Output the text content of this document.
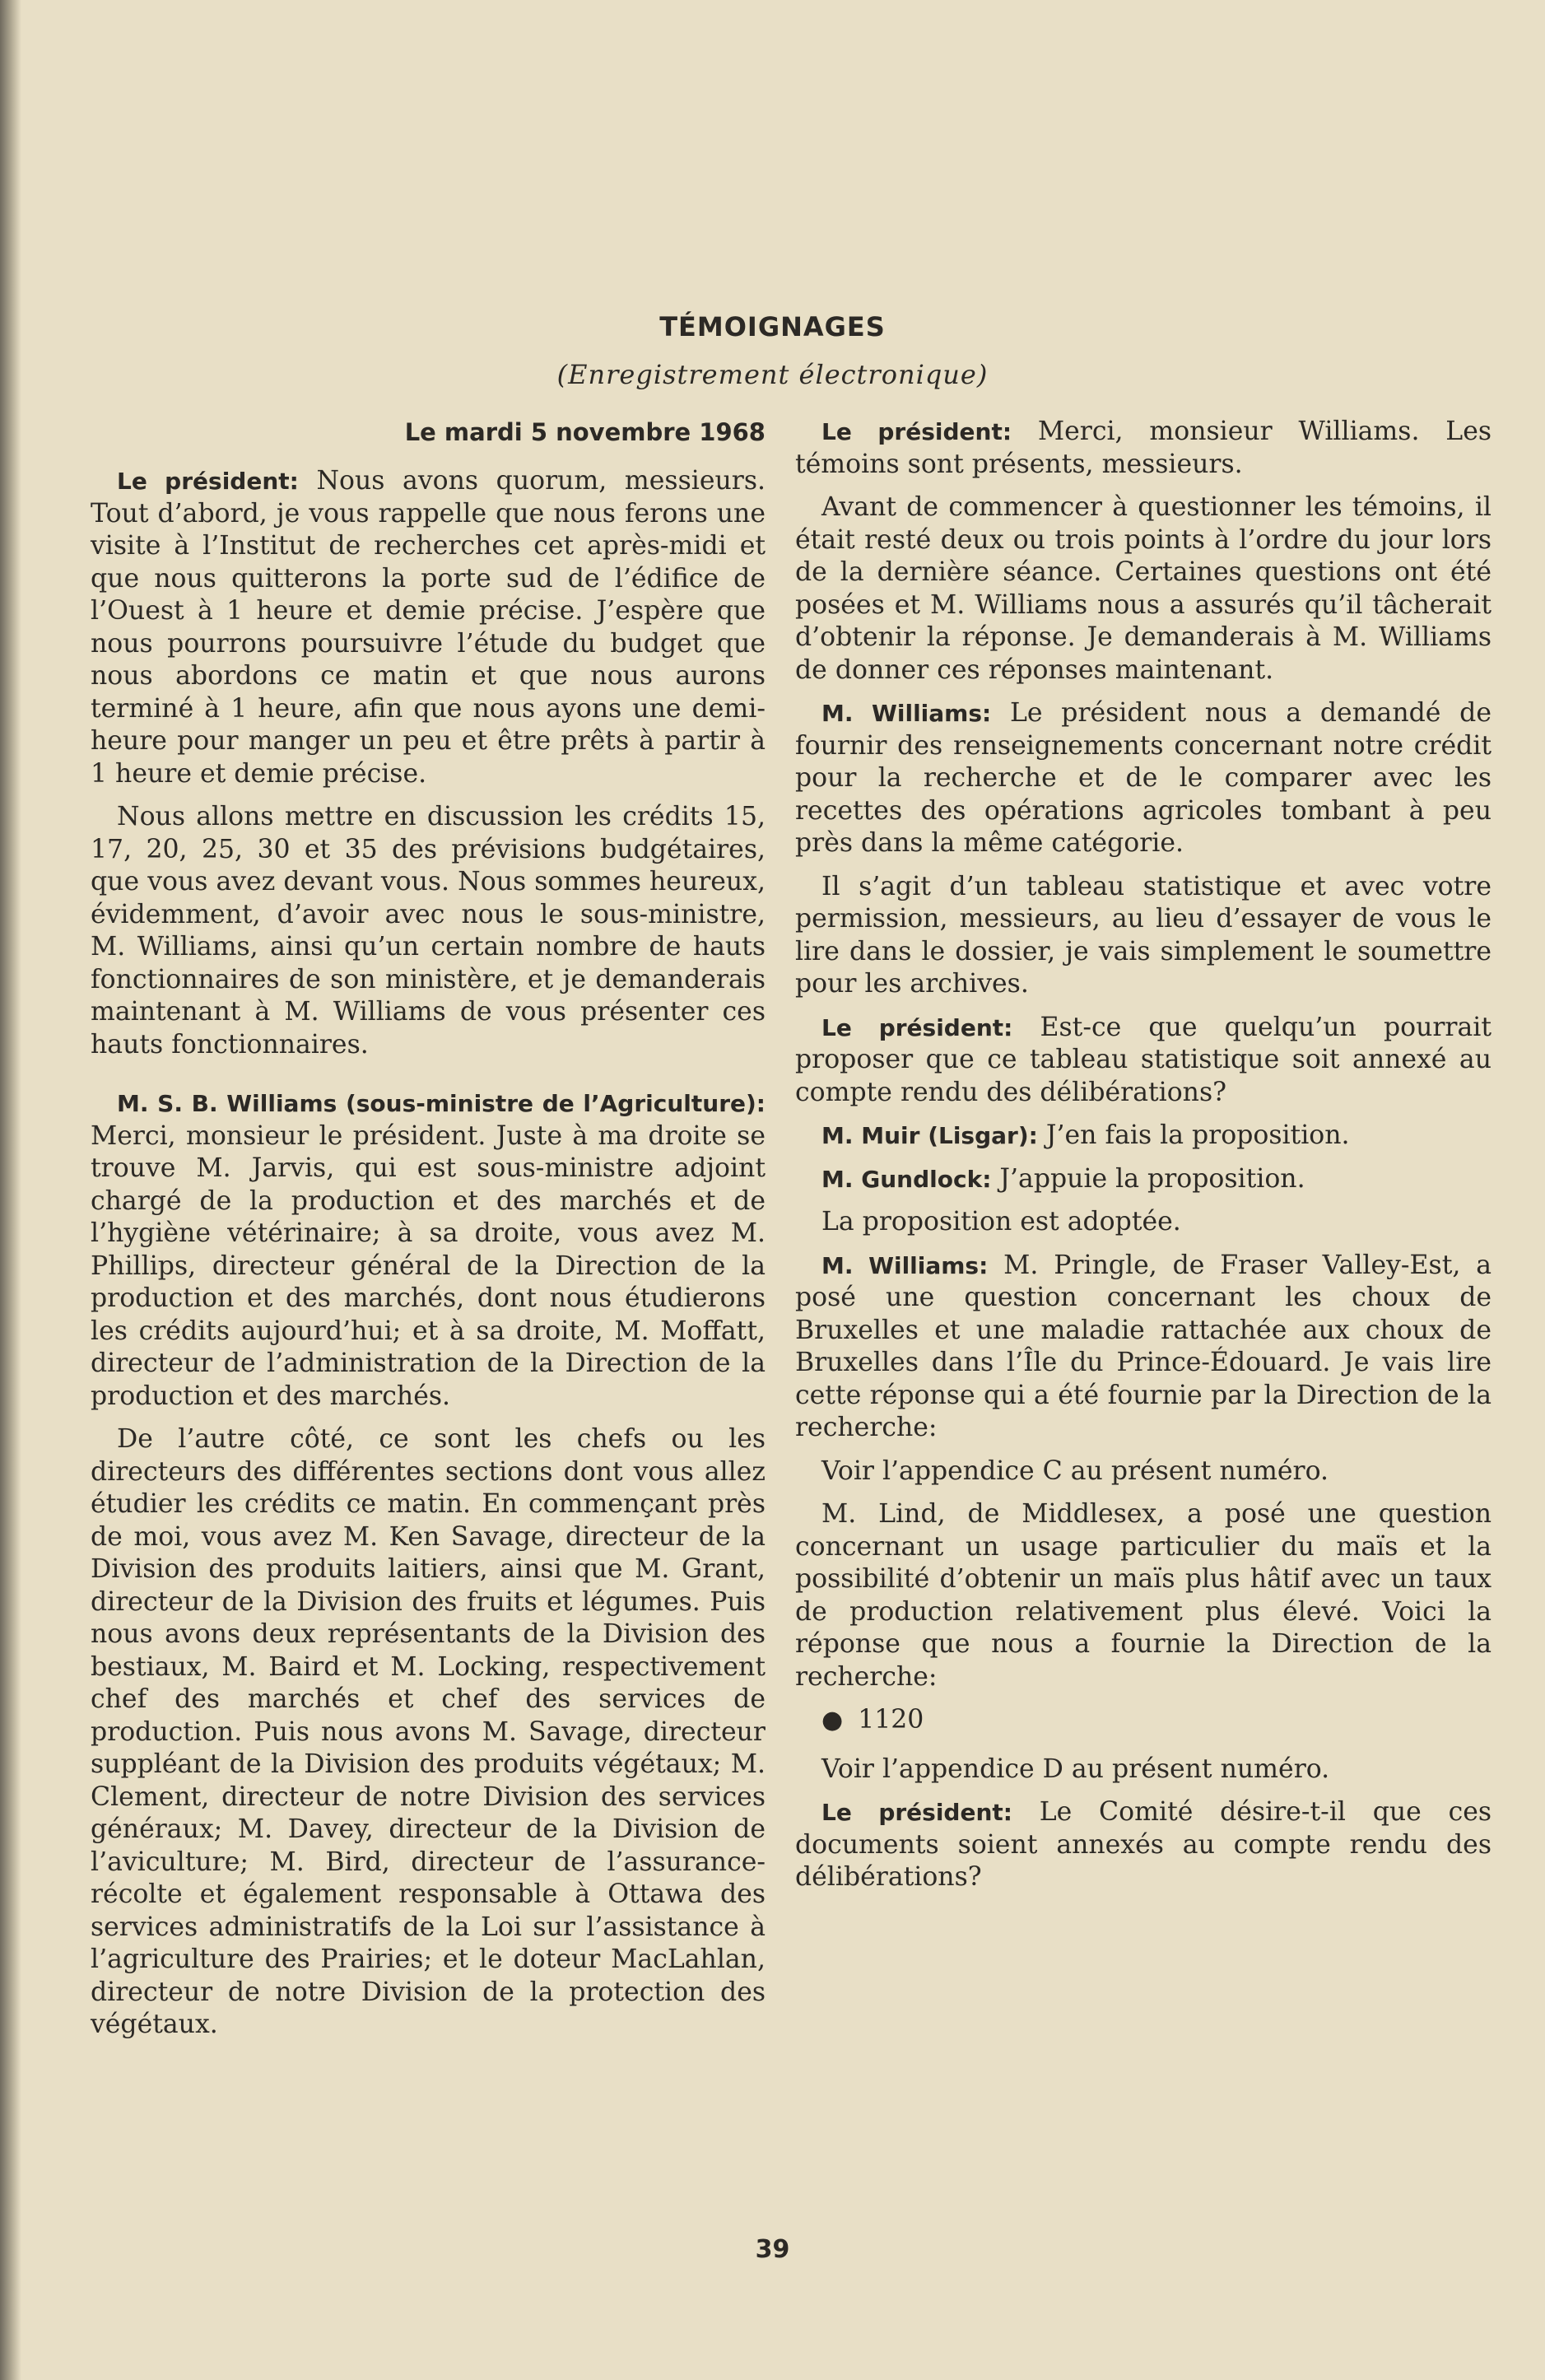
TÉMOIGNAGES
(Enregistrement électronique)
Le mardi 5 novembre 1968

Le président: Nous avons quorum, messieurs. Tout d’abord, je vous rappelle que nous ferons une visite à l’Institut de recherches cet après-midi et que nous quitterons la porte sud de l’édifice de l’Ouest à 1 heure et demie précise. J’espère que nous pourrons poursuivre l’étude du budget que nous abordons ce matin et que nous aurons terminé à 1 heure, afin que nous ayons une demi-heure pour manger un peu et être prêts à partir à 1 heure et demie précise.

Nous allons mettre en discussion les crédits 15, 17, 20, 25, 30 et 35 des prévisions budgétaires, que vous avez devant vous. Nous sommes heureux, évidemment, d’avoir avec nous le sous-ministre, M. Williams, ainsi qu’un certain nombre de hauts fonctionnaires de son ministère, et je demanderais maintenant à M. Williams de vous présenter ces hauts fonctionnaires.

M. S. B. Williams (sous-ministre de l’Agriculture): Merci, monsieur le président. Juste à ma droite se trouve M. Jarvis, qui est sous-ministre adjoint chargé de la production et des marchés et de l’hygiène vétérinaire; à sa droite, vous avez M. Phillips, directeur général de la Direction de la production et des marchés, dont nous étudierons les crédits aujourd’hui; et à sa droite, M. Moffatt, directeur de l’administration de la Direction de la production et des marchés.

De l’autre côté, ce sont les chefs ou les directeurs des différentes sections dont vous allez étudier les crédits ce matin. En commençant près de moi, vous avez M. Ken Savage, directeur de la Division des produits laitiers, ainsi que M. Grant, directeur de la Division des fruits et légumes. Puis nous avons deux représentants de la Division des bestiaux, M. Baird et M. Locking, respectivement chef des marchés et chef des services de production. Puis nous avons M. Savage, directeur suppléant de la Division des produits végétaux; M. Clement, directeur de notre Division des services généraux; M. Davey, directeur de la Division de l’aviculture; M. Bird, directeur de l’assurance-récolte et également responsable à Ottawa des services administratifs de la Loi sur l’assistance à l’agriculture des Prairies; et le doteur MacLahlan, directeur de notre Division de la protection des végétaux.

Le président: Merci, monsieur Williams. Les témoins sont présents, messieurs.

Avant de commencer à questionner les témoins, il était resté deux ou trois points à l’ordre du jour lors de la dernière séance. Certaines questions ont été posées et M. Williams nous a assurés qu’il tâcherait d’obtenir la réponse. Je demanderais à M. Williams de donner ces réponses maintenant.

M. Williams: Le président nous a demandé de fournir des renseignements concernant notre crédit pour la recherche et de le comparer avec les recettes des opérations agricoles tombant à peu près dans la même catégorie.

Il s’agit d’un tableau statistique et avec votre permission, messieurs, au lieu d’essayer de vous le lire dans le dossier, je vais simplement le soumettre pour les archives.

Le président: Est-ce que quelqu’un pourrait proposer que ce tableau statistique soit annexé au compte rendu des délibérations?

M. Muir (Lisgar): J’en fais la proposition.

M. Gundlock: J’appuie la proposition.

La proposition est adoptée.

M. Williams: M. Pringle, de Fraser Valley-Est, a posé une question concernant les choux de Bruxelles et une maladie rattachée aux choux de Bruxelles dans l’Île du Prince-Édouard. Je vais lire cette réponse qui a été fournie par la Direction de la recherche:

Voir l’appendice C au présent numéro.

M. Lind, de Middlesex, a posé une question concernant un usage particulier du maïs et la possibilité d’obtenir un maïs plus hâtif avec un taux de production relativement plus élevé. Voici la réponse que nous a fournie la Direction de la recherche:

● 1120

Voir l’appendice D au présent numéro.

Le président: Le Comité désire-t-il que ces documents soient annexés au compte rendu des délibérations?

39
